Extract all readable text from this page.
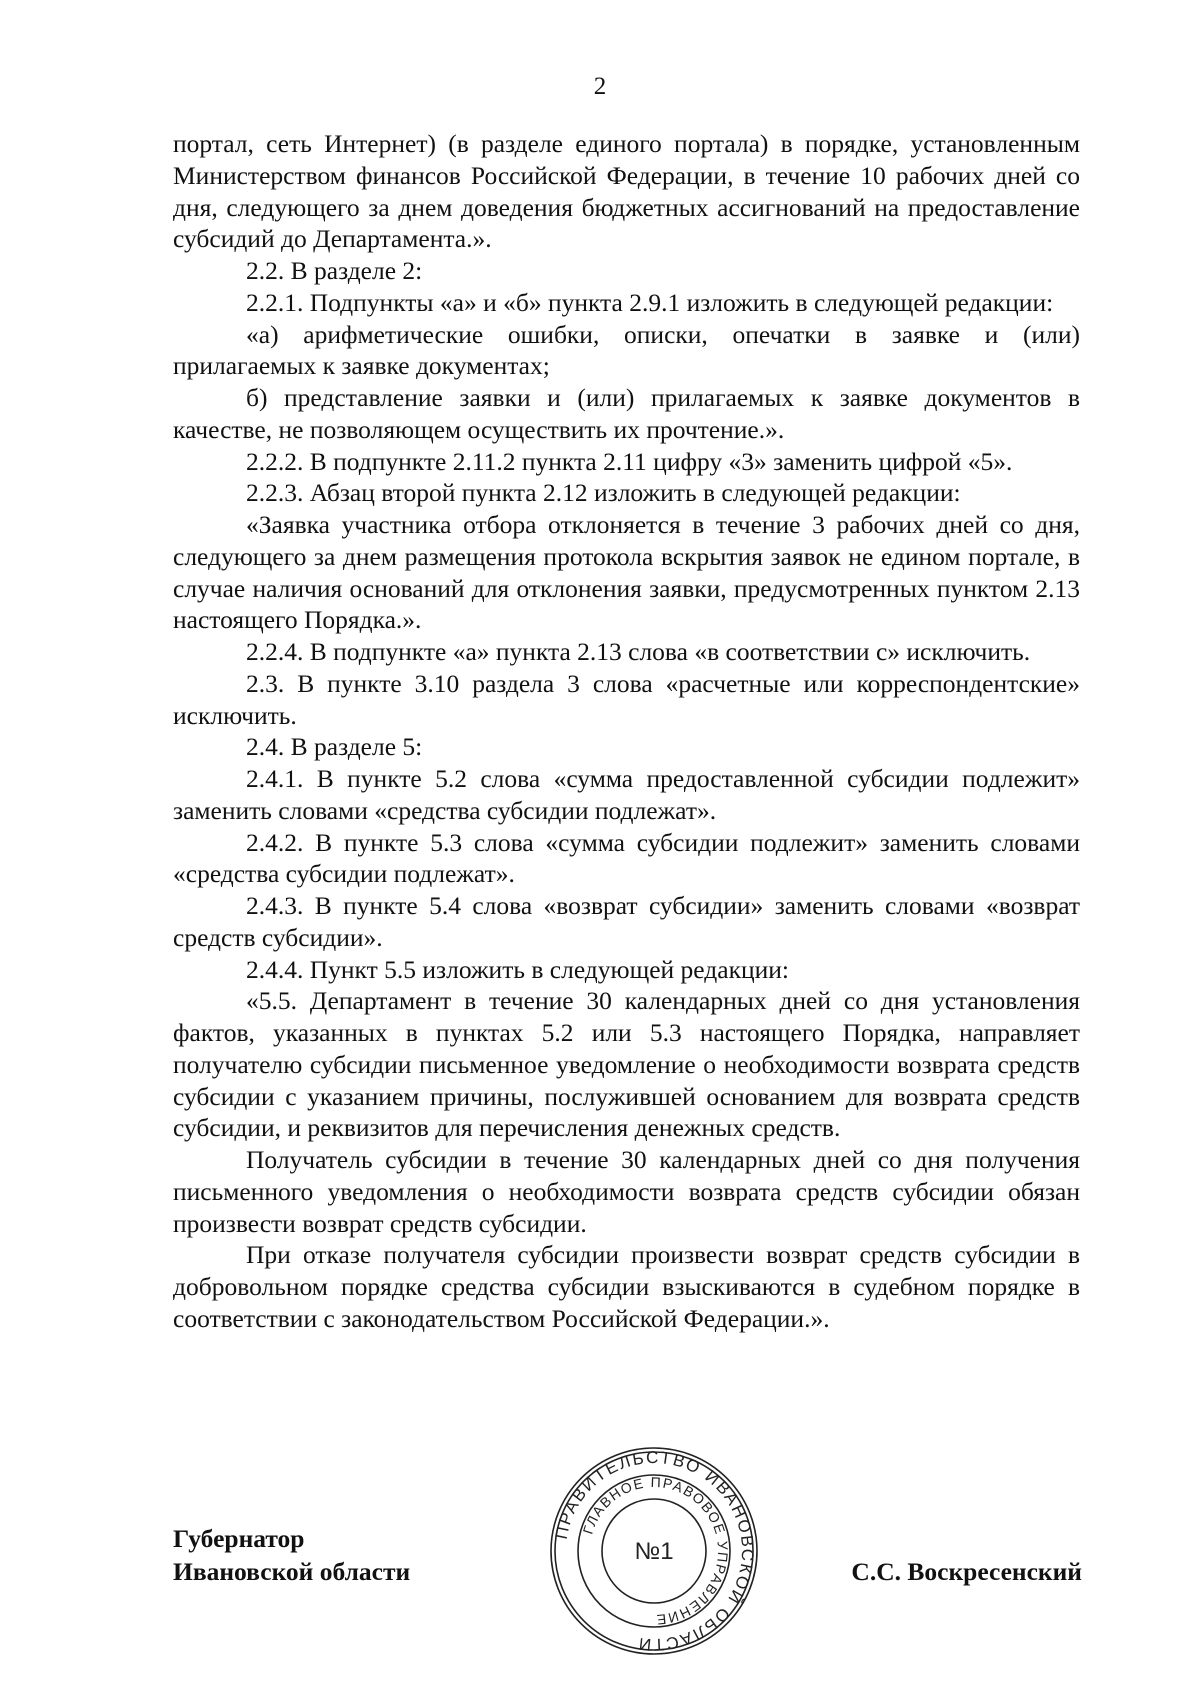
2

портал, сеть Интернет) (в разделе единого портала) в порядке, установленным Министерством финансов Российской Федерации, в течение 10 рабочих дней со дня, следующего за днем доведения бюджетных ассигнований на предоставление субсидий до Департамента.».

2.2. В разделе 2:

2.2.1. Подпункты «а» и «б» пункта 2.9.1 изложить в следующей редакции:

«а) арифметические ошибки, описки, опечатки в заявке и (или) прилагаемых к заявке документах;

б) представление заявки и (или) прилагаемых к заявке документов в качестве, не позволяющем осуществить их прочтение.».

2.2.2. В подпункте 2.11.2 пункта 2.11 цифру «3» заменить цифрой «5».

2.2.3. Абзац второй пункта 2.12 изложить в следующей редакции:

«Заявка участника отбора отклоняется в течение 3 рабочих дней со дня, следующего за днем размещения протокола вскрытия заявок не едином портале, в случае наличия оснований для отклонения заявки, предусмотренных пунктом 2.13 настоящего Порядка.».

2.2.4. В подпункте «а» пункта 2.13 слова «в соответствии с» исключить.

2.3. В пункте 3.10 раздела 3 слова «расчетные или корреспондентские» исключить.

2.4. В разделе 5:

2.4.1. В пункте 5.2 слова «сумма предоставленной субсидии подлежит» заменить словами «средства субсидии подлежат».

2.4.2. В пункте 5.3 слова «сумма субсидии подлежит» заменить словами «средства субсидии подлежат».

2.4.3. В пункте 5.4 слова «возврат субсидии» заменить словами «возврат средств субсидии».

2.4.4. Пункт 5.5 изложить в следующей редакции:

«5.5. Департамент в течение 30 календарных дней со дня установления фактов, указанных в пунктах 5.2 или 5.3 настоящего Порядка, направляет получателю субсидии письменное уведомление о необходимости возврата средств субсидии с указанием причины, послужившей основанием для возврата средств субсидии, и реквизитов для перечисления денежных средств.

Получатель субсидии в течение 30 календарных дней со дня получения письменного уведомления о необходимости возврата средств субсидии обязан произвести возврат средств субсидии.

При отказе получателя субсидии произвести возврат средств субсидии в добровольном порядке средства субсидии взыскиваются в судебном порядке в соответствии с законодательством Российской Федерации.».

Губернатор
Ивановской области	С.С. Воскресенский
ПРАВИТЕЛЬСТВО ИВАНОВСКОЙ ОБЛАСТИ
ГЛАВНОЕ ПРАВОВОЕ УПРАВЛЕНИЕ
№1
